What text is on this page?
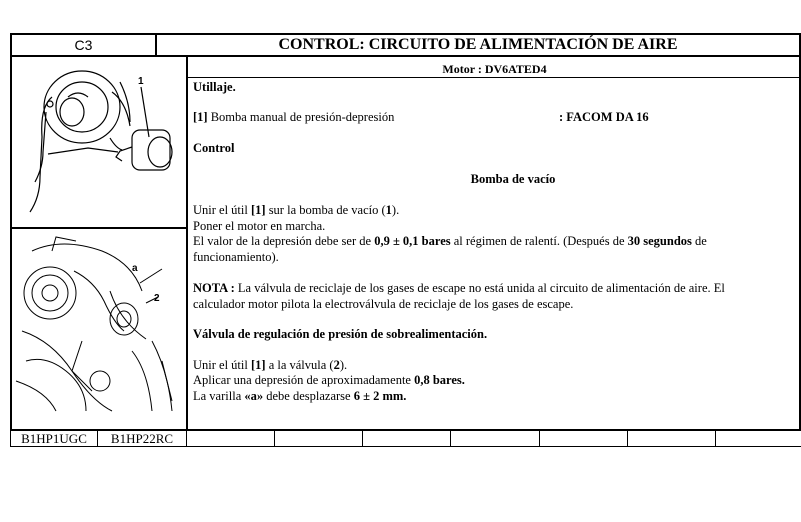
C3	CONTROL: CIRCUITO DE ALIMENTACIÓN DE AIRE
1
a
2
Motor : DV6ATED4

Utillaje.

[1] Bomba manual de presión-depresión	: FACOM DA 16

Control

Bomba de vacío

Unir el útil [1] sur la bomba de vacío (1).

Poner el motor en marcha.

El valor de la depresión debe ser de 0,9 ± 0,1 bares al régimen de ralentí. (Después de 30 segundos de

funcionamiento).

NOTA : La válvula de reciclaje de los gases de escape no está unida al circuito de alimentación de aire. El

calculador motor pilota la electroválvula de reciclaje de los gases de escape.

Válvula de regulación de presión de sobrealimentación.

Unir el útil [1] a la válvula (2).

Aplicar una depresión de aproximadamente 0,8 bares.

La varilla «a» debe desplazarse 6 ± 2 mm.

B1HP1UGC	B1HP22RC
